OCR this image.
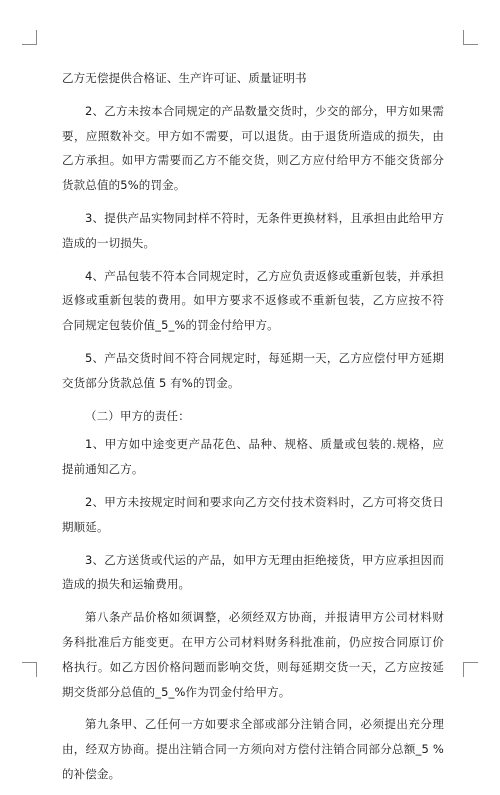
乙方无偿提供合格证、生产许可证、质量证明书

2、乙方未按本合同规定的产品数量交货时，少交的部分，甲方如果需要，应照数补交。甲方如不需要，可以退货。由于退货所造成的损失，由乙方承担。如甲方需要而乙方不能交货，则乙方应付给甲方不能交货部分货款总值的5%的罚金。

3、提供产品实物同封样不符时，无条件更换材料，且承担由此给甲方造成的一切损失。

4、产品包装不符本合同规定时，乙方应负责返修或重新包装，并承担返修或重新包装的费用。如甲方要求不返修或不重新包装，乙方应按不符合同规定包装价值_5_%的罚金付给甲方。

5、产品交货时间不符合同规定时，每延期一天，乙方应偿付甲方延期交货部分货款总值 5 有%的罚金。

（二）甲方的责任：

1、甲方如中途变更产品花色、品种、规格、质量或包装的.规格，应提前通知乙方。

2、甲方未按规定时间和要求向乙方交付技术资料时，乙方可将交货日期顺延。

3、乙方送货或代运的产品，如甲方无理由拒绝接货，甲方应承担因而造成的损失和运输费用。

第八条产品价格如须调整，必须经双方协商，并报请甲方公司材料财务科批准后方能变更。在甲方公司材料财务科批准前，仍应按合同原订价格执行。如乙方因价格问题而影响交货，则每延期交货一天，乙方应按延期交货部分总值的_5_%作为罚金付给甲方。

第九条甲、乙任何一方如要求全部或部分注销合同，必须提出充分理由，经双方协商。提出注销合同一方须向对方偿付注销合同部分总额_5 %的补偿金。
